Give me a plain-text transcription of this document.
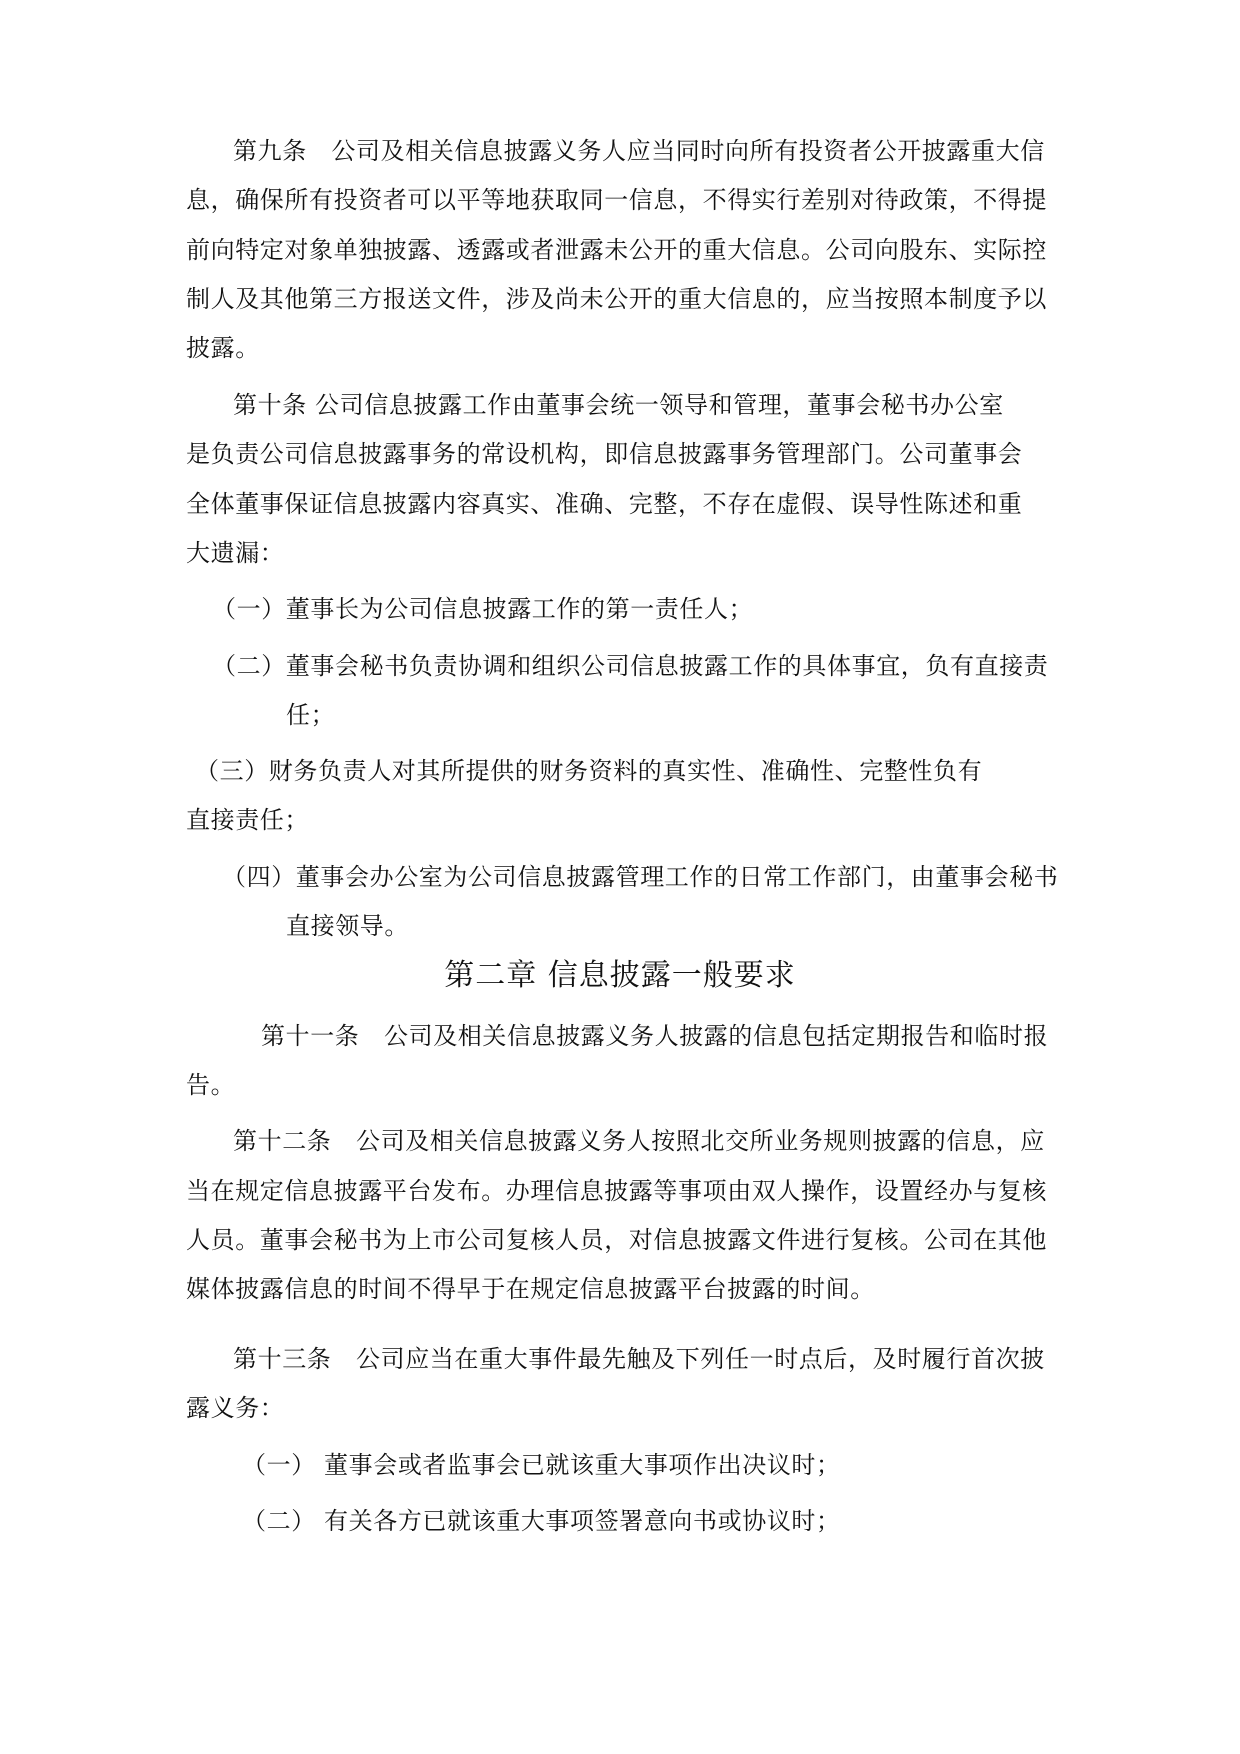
第九条　公司及相关信息披露义务人应当同时向所有投资者公开披露重大信
息，确保所有投资者可以平等地获取同一信息，不得实行差别对待政策，不得提
前向特定对象单独披露、透露或者泄露未公开的重大信息。公司向股东、实际控
制人及其他第三方报送文件，涉及尚未公开的重大信息的，应当按照本制度予以
披露。
第十条 公司信息披露工作由董事会统一领导和管理，董事会秘书办公室
是负责公司信息披露事务的常设机构，即信息披露事务管理部门。公司董事会
全体董事保证信息披露内容真实、准确、完整，不存在虚假、误导性陈述和重
大遗漏：
（一）董事长为公司信息披露工作的第一责任人；
（二）董事会秘书负责协调和组织公司信息披露工作的具体事宜，负有直接责
任；
（三）财务负责人对其所提供的财务资料的真实性、准确性、完整性负有
直接责任；
（四）董事会办公室为公司信息披露管理工作的日常工作部门，由董事会秘书
直接领导。
第二章 信息披露一般要求
第十一条　公司及相关信息披露义务人披露的信息包括定期报告和临时报
告。
第十二条　公司及相关信息披露义务人按照北交所业务规则披露的信息，应
当在规定信息披露平台发布。办理信息披露等事项由双人操作，设置经办与复核
人员。董事会秘书为上市公司复核人员，对信息披露文件进行复核。公司在其他
媒体披露信息的时间不得早于在规定信息披露平台披露的时间。
第十三条　公司应当在重大事件最先触及下列任一时点后，及时履行首次披
露义务：
（一） 董事会或者监事会已就该重大事项作出决议时；
（二） 有关各方已就该重大事项签署意向书或协议时；
